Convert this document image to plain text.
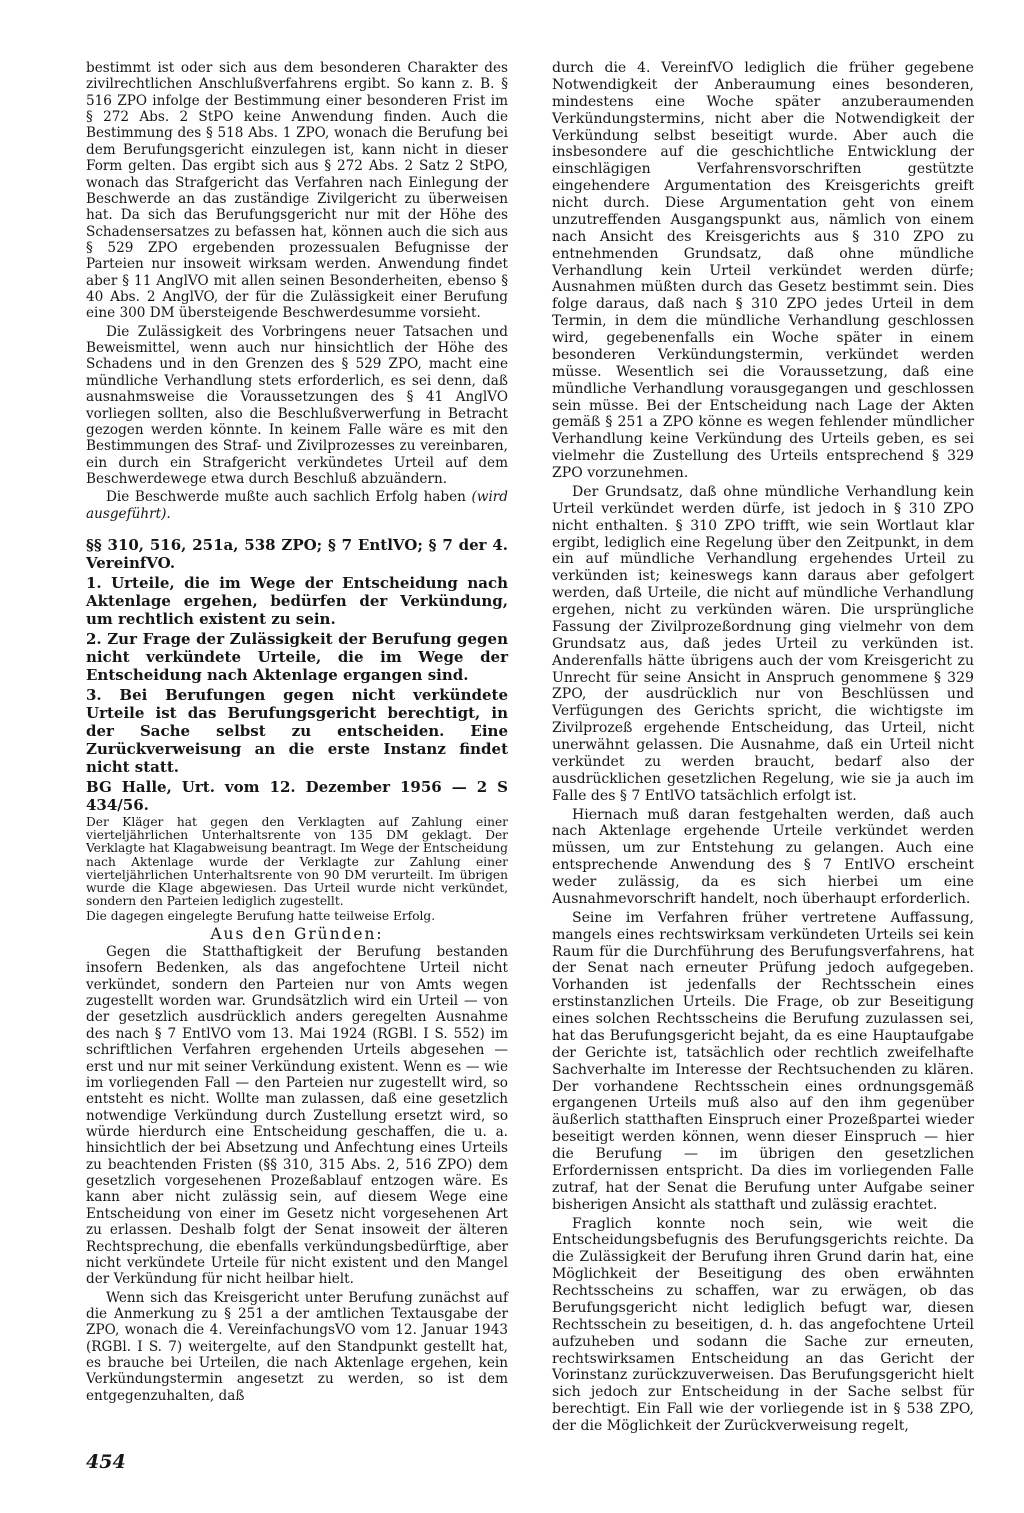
bestimmt ist oder sich aus dem besonderen Charakter des zivilrechtlichen Anschlußverfahrens ergibt. So kann z. B. § 516 ZPO infolge der Bestimmung einer besonderen Frist im § 272 Abs. 2 StPO keine Anwendung finden. Auch die Bestimmung des § 518 Abs. 1 ZPO, wonach die Berufung bei dem Berufungsgericht einzulegen ist, kann nicht in dieser Form gelten. Das ergibt sich aus § 272 Abs. 2 Satz 2 StPO, wonach das Strafgericht das Verfahren nach Einlegung der Beschwerde an das zuständige Zivilgericht zu überweisen hat. Da sich das Berufungsgericht nur mit der Höhe des Schadensersatzes zu befassen hat, können auch die sich aus § 529 ZPO ergebenden prozessualen Befugnisse der Parteien nur insoweit wirksam werden. Anwendung findet aber § 11 AnglVO mit allen seinen Besonderheiten, ebenso § 40 Abs. 2 AnglVO, der für die Zulässigkeit einer Berufung eine 300 DM übersteigende Beschwerdesumme vorsieht.

Die Zulässigkeit des Vorbringens neuer Tatsachen und Beweismittel, wenn auch nur hinsichtlich der Höhe des Schadens und in den Grenzen des § 529 ZPO, macht eine mündliche Verhandlung stets erforderlich, es sei denn, daß ausnahmsweise die Voraussetzungen des § 41 AnglVO vorliegen sollten, also die Beschlußverwerfung in Betracht gezogen werden könnte. In keinem Falle wäre es mit den Bestimmungen des Straf- und Zivilprozesses zu vereinbaren, ein durch ein Strafgericht verkündetes Urteil auf dem Beschwerdewege etwa durch Beschluß abzuändern.

Die Beschwerde mußte auch sachlich Erfolg haben (wird ausgeführt).

§§ 310, 516, 251a, 538 ZPO; § 7 EntlVO; § 7 der 4. VereinfVO.

1. Urteile, die im Wege der Entscheidung nach Aktenlage ergehen, bedürfen der Verkündung, um rechtlich existent zu sein.

2. Zur Frage der Zulässigkeit der Berufung gegen nicht verkündete Urteile, die im Wege der Entscheidung nach Aktenlage ergangen sind.

3. Bei Berufungen gegen nicht verkündete Urteile ist das Berufungsgericht berechtigt, in der Sache selbst zu entscheiden. Eine Zurückverweisung an die erste Instanz findet nicht statt.

BG Halle, Urt. vom 12. Dezember 1956 — 2 S 434/56.

Der Kläger hat gegen den Verklagten auf Zahlung einer vierteljährlichen Unterhaltsrente von 135 DM geklagt. Der Verklagte hat Klagabweisung beantragt. Im Wege der Entscheidung nach Aktenlage wurde der Verklagte zur Zahlung einer vierteljährlichen Unterhaltsrente von 90 DM verurteilt. Im übrigen wurde die Klage abgewiesen. Das Urteil wurde nicht verkündet, sondern den Parteien lediglich zugestellt.

Die dagegen eingelegte Berufung hatte teilweise Erfolg.

Aus den Gründen:

Gegen die Statthaftigkeit der Berufung bestanden insofern Bedenken, als das angefochtene Urteil nicht verkündet, sondern den Parteien nur von Amts wegen zugestellt worden war. Grundsätzlich wird ein Urteil — von der gesetzlich ausdrücklich anders geregelten Ausnahme des nach § 7 EntlVO vom 13. Mai 1924 (RGBl. I S. 552) im schriftlichen Verfahren ergehenden Urteils abgesehen — erst und nur mit seiner Verkündung existent. Wenn es — wie im vorliegenden Fall — den Parteien nur zugestellt wird, so entsteht es nicht. Wollte man zulassen, daß eine gesetzlich notwendige Verkündung durch Zustellung ersetzt wird, so würde hierdurch eine Entscheidung geschaffen, die u. a. hinsichtlich der bei Absetzung und Anfechtung eines Urteils zu beachtenden Fristen (§§ 310, 315 Abs. 2, 516 ZPO) dem gesetzlich vorgesehenen Prozeßablauf entzogen wäre. Es kann aber nicht zulässig sein, auf diesem Wege eine Entscheidung von einer im Gesetz nicht vorgesehenen Art zu erlassen. Deshalb folgt der Senat insoweit der älteren Rechtsprechung, die ebenfalls verkündungsbedürftige, aber nicht verkündete Urteile für nicht existent und den Mangel der Verkündung für nicht heilbar hielt.

Wenn sich das Kreisgericht unter Berufung zunächst auf die Anmerkung zu § 251 a der amtlichen Textausgabe der ZPO, wonach die 4. VereinfachungsVO vom 12. Januar 1943 (RGBl. I S. 7) weitergelte, auf den Standpunkt gestellt hat, es brauche bei Urteilen, die nach Aktenlage ergehen, kein Verkündungstermin angesetzt zu werden, so ist dem entgegenzuhalten, daß

durch die 4. VereinfVO lediglich die früher gegebene Notwendigkeit der Anberaumung eines besonderen, mindestens eine Woche später anzuberaumenden Verkündungstermins, nicht aber die Notwendigkeit der Verkündung selbst beseitigt wurde. Aber auch die insbesondere auf die geschichtliche Entwicklung der einschlägigen Verfahrensvorschriften gestützte eingehendere Argumentation des Kreisgerichts greift nicht durch. Diese Argumentation geht von einem unzutreffenden Ausgangspunkt aus, nämlich von einem nach Ansicht des Kreisgerichts aus § 310 ZPO zu entnehmenden Grundsatz, daß ohne mündliche Verhandlung kein Urteil verkündet werden dürfe; Ausnahmen müßten durch das Gesetz bestimmt sein. Dies folge daraus, daß nach § 310 ZPO jedes Urteil in dem Termin, in dem die mündliche Verhandlung geschlossen wird, gegebenenfalls ein Woche später in einem besonderen Verkündungstermin, verkündet werden müsse. Wesentlich sei die Voraussetzung, daß eine mündliche Verhandlung vorausgegangen und geschlossen sein müsse. Bei der Entscheidung nach Lage der Akten gemäß § 251 a ZPO könne es wegen fehlender mündlicher Verhandlung keine Verkündung des Urteils geben, es sei vielmehr die Zustellung des Urteils entsprechend § 329 ZPO vorzunehmen.

Der Grundsatz, daß ohne mündliche Verhandlung kein Urteil verkündet werden dürfe, ist jedoch in § 310 ZPO nicht enthalten. § 310 ZPO trifft, wie sein Wortlaut klar ergibt, lediglich eine Regelung über den Zeitpunkt, in dem ein auf mündliche Verhandlung ergehendes Urteil zu verkünden ist; keineswegs kann daraus aber gefolgert werden, daß Urteile, die nicht auf mündliche Verhandlung ergehen, nicht zu verkünden wären. Die ursprüngliche Fassung der Zivilprozeßordnung ging vielmehr von dem Grundsatz aus, daß jedes Urteil zu verkünden ist. Anderenfalls hätte übrigens auch der vom Kreisgericht zu Unrecht für seine Ansicht in Anspruch genommene § 329 ZPO, der ausdrücklich nur von Beschlüssen und Verfügungen des Gerichts spricht, die wichtigste im Zivilprozeß ergehende Entscheidung, das Urteil, nicht unerwähnt gelassen. Die Ausnahme, daß ein Urteil nicht verkündet zu werden braucht, bedarf also der ausdrücklichen gesetzlichen Regelung, wie sie ja auch im Falle des § 7 EntlVO tatsächlich erfolgt ist.

Hiernach muß daran festgehalten werden, daß auch nach Aktenlage ergehende Urteile verkündet werden müssen, um zur Entstehung zu gelangen. Auch eine entsprechende Anwendung des § 7 EntlVO erscheint weder zulässig, da es sich hierbei um eine Ausnahmevorschrift handelt, noch überhaupt erforderlich.

Seine im Verfahren früher vertretene Auffassung, mangels eines rechtswirksam verkündeten Urteils sei kein Raum für die Durchführung des Berufungsverfahrens, hat der Senat nach erneuter Prüfung jedoch aufgegeben. Vorhanden ist jedenfalls der Rechtsschein eines erstinstanzlichen Urteils. Die Frage, ob zur Beseitigung eines solchen Rechtsscheins die Berufung zuzulassen sei, hat das Berufungsgericht bejaht, da es eine Hauptaufgabe der Gerichte ist, tatsächlich oder rechtlich zweifelhafte Sachverhalte im Interesse der Rechtsuchenden zu klären. Der vorhandene Rechtsschein eines ordnungsgemäß ergangenen Urteils muß also auf den ihm gegenüber äußerlich statthaften Einspruch einer Prozeßpartei wieder beseitigt werden können, wenn dieser Einspruch — hier die Berufung — im übrigen den gesetzlichen Erfordernissen entspricht. Da dies im vorliegenden Falle zutraf, hat der Senat die Berufung unter Aufgabe seiner bisherigen Ansicht als statthaft und zulässig erachtet.

Fraglich konnte noch sein, wie weit die Entscheidungsbefugnis des Berufungsgerichts reichte. Da die Zulässigkeit der Berufung ihren Grund darin hat, eine Möglichkeit der Beseitigung des oben erwähnten Rechtsscheins zu schaffen, war zu erwägen, ob das Berufungsgericht nicht lediglich befugt war, diesen Rechtsschein zu beseitigen, d. h. das angefochtene Urteil aufzuheben und sodann die Sache zur erneuten, rechtswirksamen Entscheidung an das Gericht der Vorinstanz zurückzuverweisen. Das Berufungsgericht hielt sich jedoch zur Entscheidung in der Sache selbst für berechtigt. Ein Fall wie der vorliegende ist in § 538 ZPO, der die Möglichkeit der Zurückverweisung regelt,

454
